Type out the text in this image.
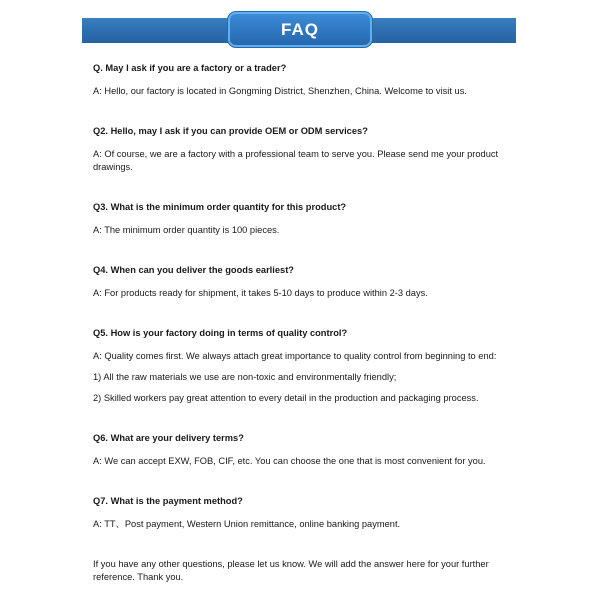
FAQ

Q. May I ask if you are a factory or a trader?

A: Hello, our factory is located in Gongming District, Shenzhen, China. Welcome to visit us.

Q2. Hello, may I ask if you can provide OEM or ODM services?

A: Of course, we are a factory with a professional team to serve you. Please send me your product drawings.

Q3. What is the minimum order quantity for this product?

A: The minimum order quantity is 100 pieces.

Q4. When can you deliver the goods earliest?

A: For products ready for shipment, it takes 5-10 days to produce within 2-3 days.

Q5. How is your factory doing in terms of quality control?

A: Quality comes first. We always attach great importance to quality control from beginning to end:

1) All the raw materials we use are non-toxic and environmentally friendly;

2) Skilled workers pay great attention to every detail in the production and packaging process.

Q6. What are your delivery terms?

A: We can accept EXW, FOB, CIF, etc. You can choose the one that is most convenient for you.

Q7. What is the payment method?

A: TT、Post payment, Western Union remittance, online banking payment.

If you have any other questions, please let us know. We will add the answer here for your further reference. Thank you.
